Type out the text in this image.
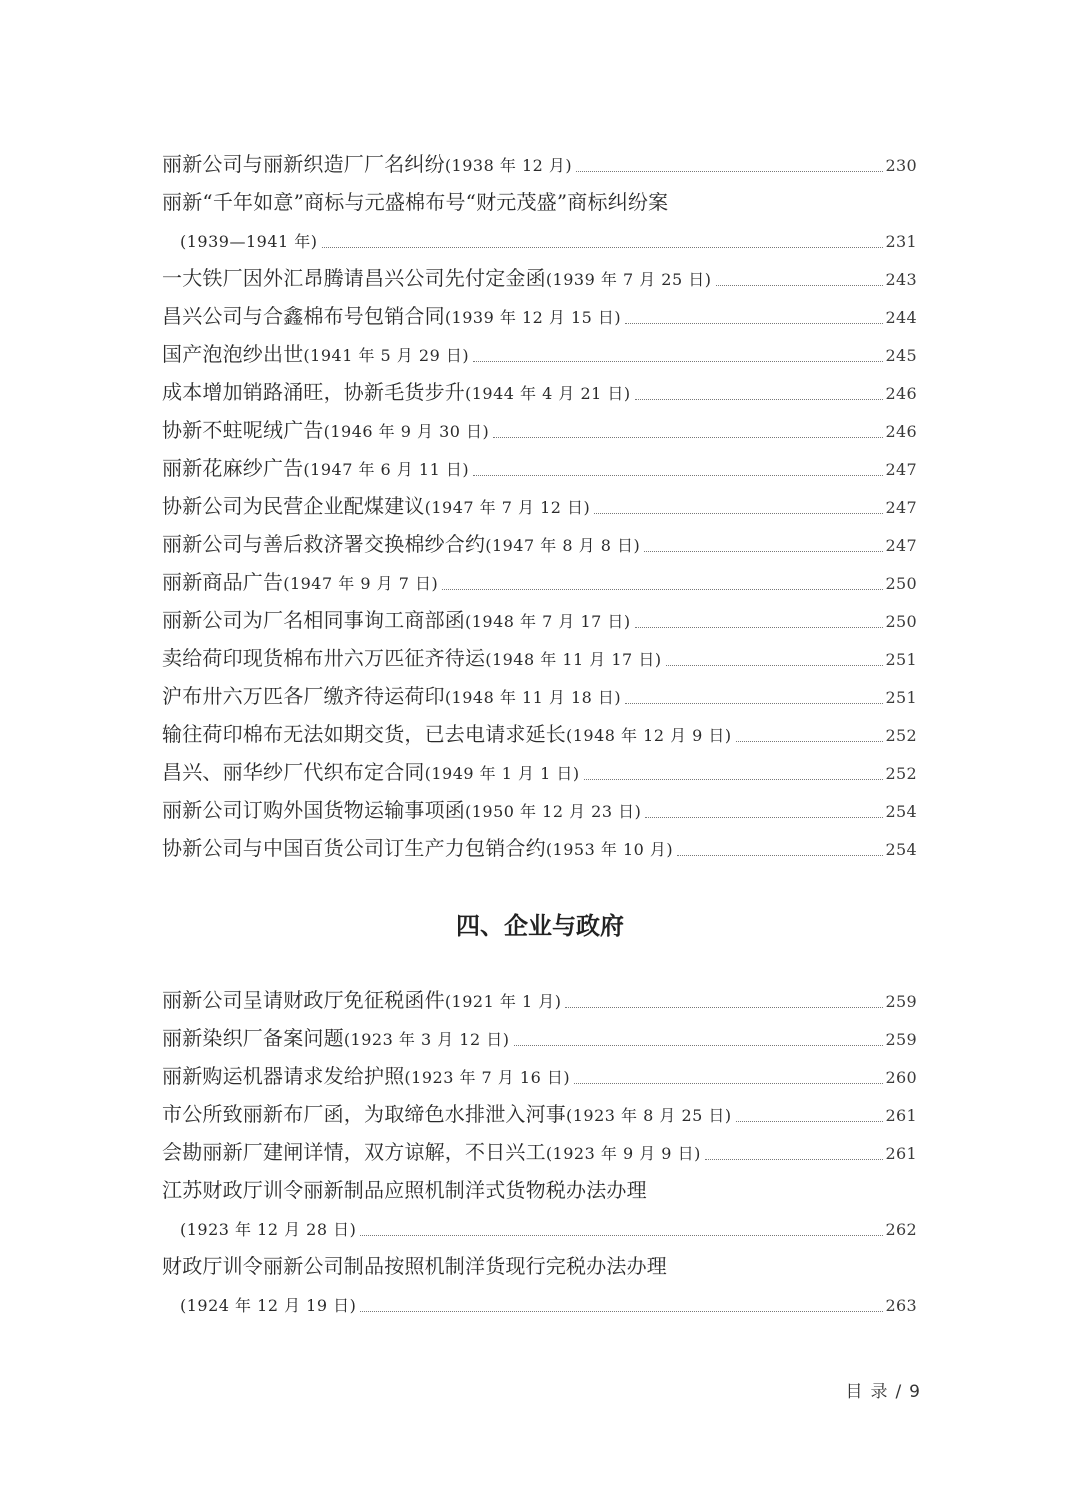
丽新公司与丽新织造厂厂名纠纷(1938 年 12 月)	230
丽新“千年如意”商标与元盛棉布号“财元茂盛”商标纠纷案
(1939—1941 年)	231
一大铁厂因外汇昂腾请昌兴公司先付定金函(1939 年 7 月 25 日)	243
昌兴公司与合鑫棉布号包销合同(1939 年 12 月 15 日)	244
国产泡泡纱出世(1941 年 5 月 29 日)	245
成本增加销路涌旺，协新毛货步升(1944 年 4 月 21 日)	246
协新不蛀呢绒广告(1946 年 9 月 30 日)	246
丽新花麻纱广告(1947 年 6 月 11 日)	247
协新公司为民营企业配煤建议(1947 年 7 月 12 日)	247
丽新公司与善后救济署交换棉纱合约(1947 年 8 月 8 日)	247
丽新商品广告(1947 年 9 月 7 日)	250
丽新公司为厂名相同事询工商部函(1948 年 7 月 17 日)	250
卖给荷印现货棉布卅六万匹征齐待运(1948 年 11 月 17 日)	251
沪布卅六万匹各厂缴齐待运荷印(1948 年 11 月 18 日)	251
输往荷印棉布无法如期交货，已去电请求延长(1948 年 12 月 9 日)	252
昌兴、丽华纱厂代织布定合同(1949 年 1 月 1 日)	252
丽新公司订购外国货物运输事项函(1950 年 12 月 23 日)	254
协新公司与中国百货公司订生产力包销合约(1953 年 10 月)	254
四、企业与政府
丽新公司呈请财政厅免征税函件(1921 年 1 月)	259
丽新染织厂备案问题(1923 年 3 月 12 日)	259
丽新购运机器请求发给护照(1923 年 7 月 16 日)	260
市公所致丽新布厂函，为取缔色水排泄入河事(1923 年 8 月 25 日)	261
会勘丽新厂建闸详情，双方谅解，不日兴工(1923 年 9 月 9 日)	261
江苏财政厅训令丽新制品应照机制洋式货物税办法办理
(1923 年 12 月 28 日)	262
财政厅训令丽新公司制品按照机制洋货现行完税办法办理
(1924 年 12 月 19 日)	263
目 录 / 9
